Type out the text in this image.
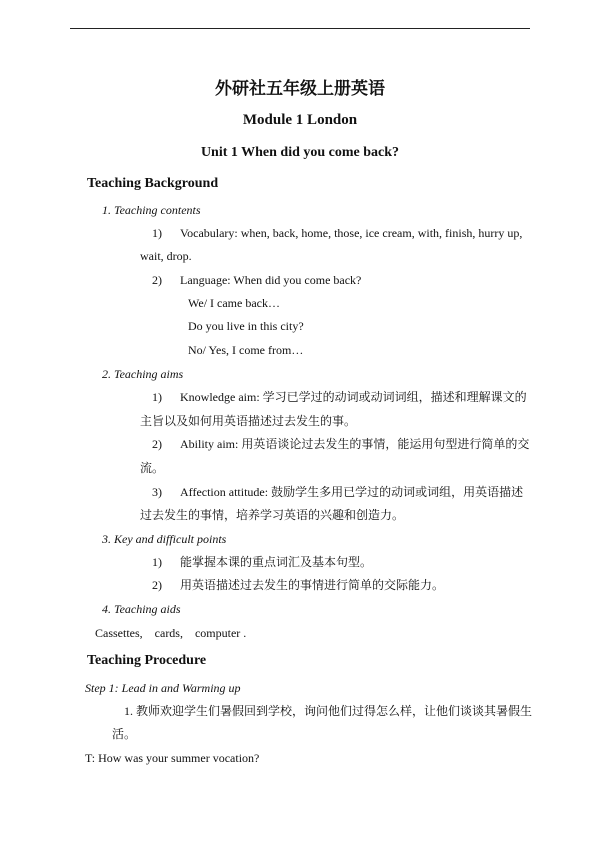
外研社五年级上册英语
Module 1 London
Unit 1 When did you come back?
Teaching Background
1. Teaching contents
1) Vocabulary: when, back, home, those, ice cream, with, finish, hurry up,
wait, drop.
2) Language: When did you come back?
We/ I came back…
Do you live in this city?
No/ Yes, I come from…
2. Teaching aims
1) Knowledge aim: 学习已学过的动词或动词词组，描述和理解课文的
主旨以及如何用英语描述过去发生的事。
2) Ability aim: 用英语谈论过去发生的事情，能运用句型进行简单的交
流。
3) Affection attitude: 鼓励学生多用已学过的动词或词组，用英语描述
过去发生的事情，培养学习英语的兴趣和创造力。
3. Key and difficult points
1) 能掌握本课的重点词汇及基本句型。
2) 用英语描述过去发生的事情进行简单的交际能力。
4. Teaching aids
Cassettes,    cards,    computer .
Teaching Procedure
Step 1: Lead in and Warming up
1. 教师欢迎学生们暑假回到学校，询问他们过得怎么样，让他们谈谈其暑假生
活。
T: How was your summer vocation?
